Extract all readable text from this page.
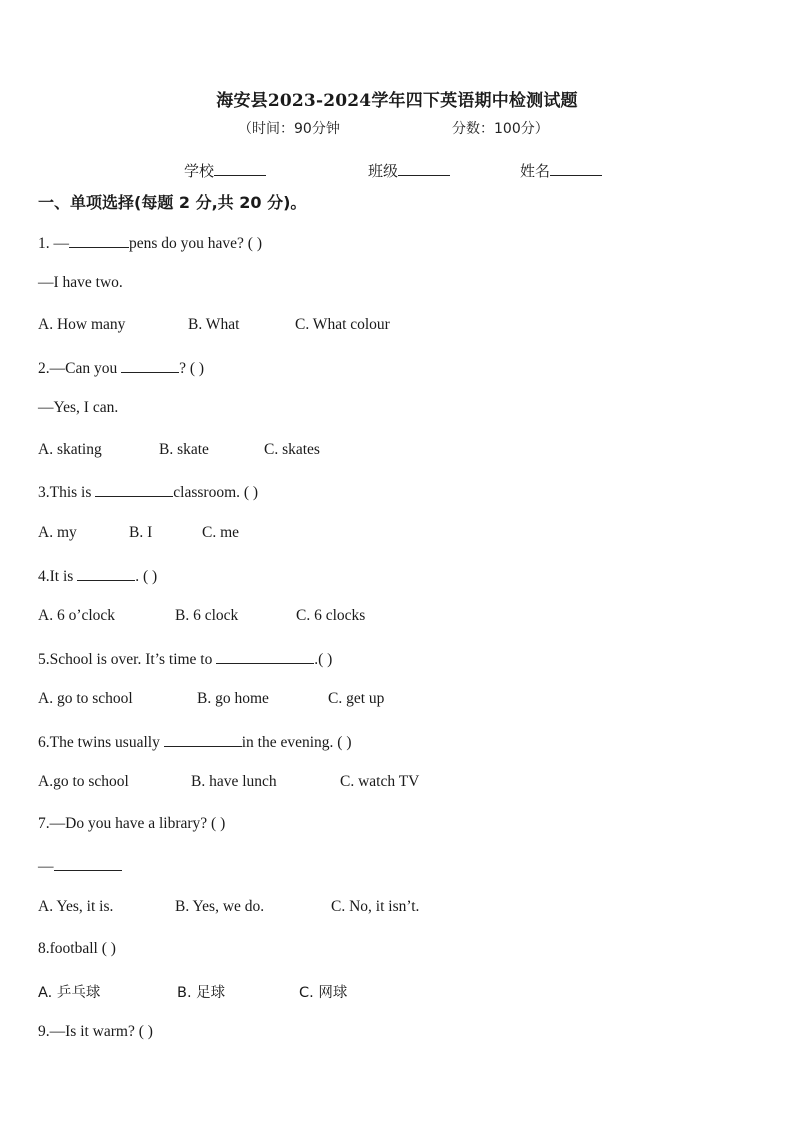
海安县2023-2024学年四下英语期中检测试题
（时间：90分钟	分数：100分）
学校	班级	姓名
一、单项选择(每题 2 分,共 20 分)。
1. —	pens do you have? ( )
—I have two.
A. How many	B. What	C. What colour
2.—Can you	? ( )
—Yes, I can.
A. skating	B. skate	C. skates
3.This is	classroom. ( )
A. my	B. I	C. me
4.It is	. ( )
A. 6 o’clock	B. 6 clock	C. 6 clocks
5.School is over. It’s time to	.( )
A. go to school	B. go home	C. get up
6.The twins usually	in the evening. ( )
A.go to school	B. have lunch	C. watch TV
7.—Do you have a library? ( )
—
A. Yes, it is.	B. Yes, we do.	C. No, it isn’t.
8.football ( )
A. 乒乓球	B. 足球	C. 网球
9.—Is it warm? ( )
